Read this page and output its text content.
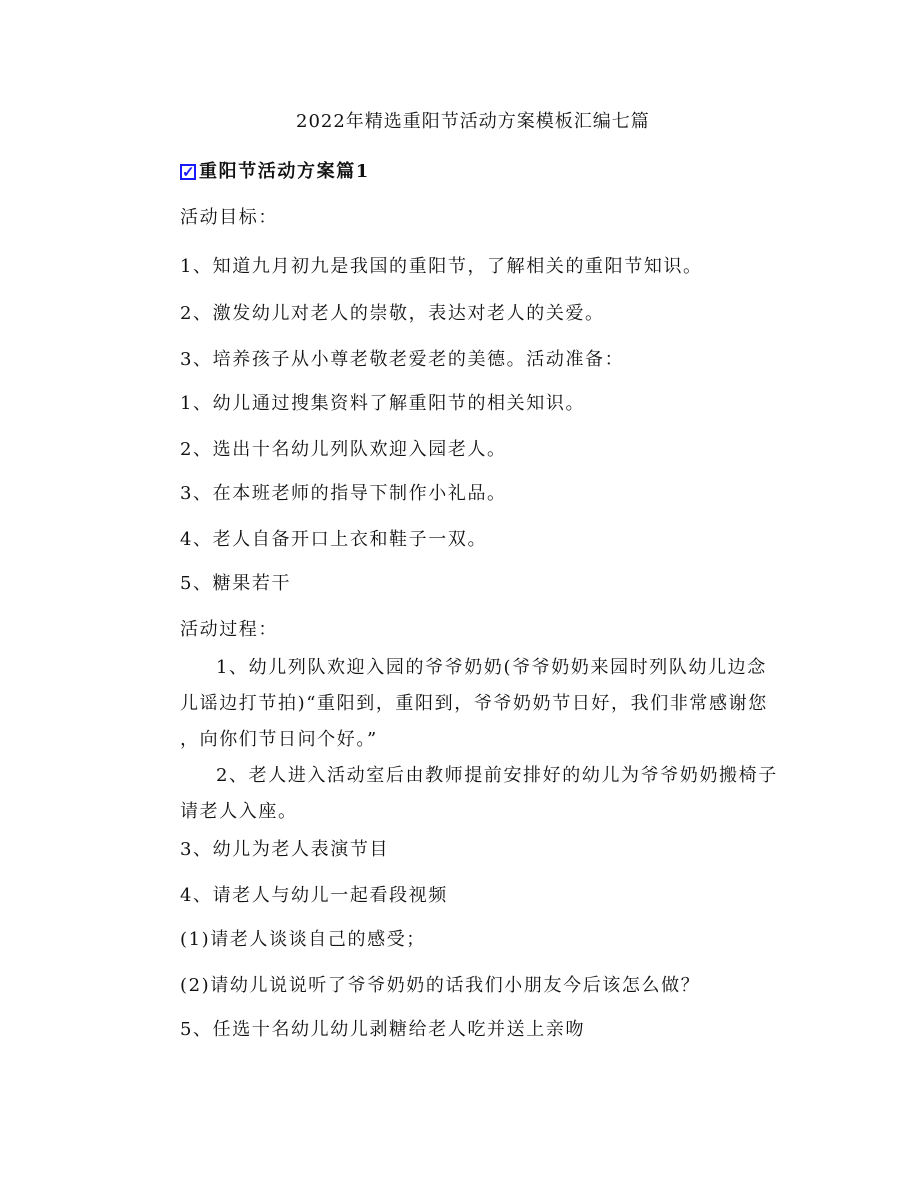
2022年精选重阳节活动方案模板汇编七篇
✓ 重阳节活动方案篇1
活动目标：
1、知道九月初九是我国的重阳节，了解相关的重阳节知识。
2、激发幼儿对老人的崇敬，表达对老人的关爱。
3、培养孩子从小尊老敬老爱老的美德。活动准备：
1、幼儿通过搜集资料了解重阳节的相关知识。
2、选出十名幼儿列队欢迎入园老人。
3、在本班老师的指导下制作小礼品。
4、老人自备开口上衣和鞋子一双。
5、糖果若干
活动过程：
1、幼儿列队欢迎入园的爷爷奶奶(爷爷奶奶来园时列队幼儿边念
儿谣边打节拍)“重阳到，重阳到，爷爷奶奶节日好，我们非常感谢您
，向你们节日问个好。”
2、老人进入活动室后由教师提前安排好的幼儿为爷爷奶奶搬椅子
请老人入座。
3、幼儿为老人表演节目
4、请老人与幼儿一起看段视频
(1)请老人谈谈自己的感受；
(2)请幼儿说说听了爷爷奶奶的话我们小朋友今后该怎么做？
5、任选十名幼儿幼儿剥糖给老人吃并送上亲吻
